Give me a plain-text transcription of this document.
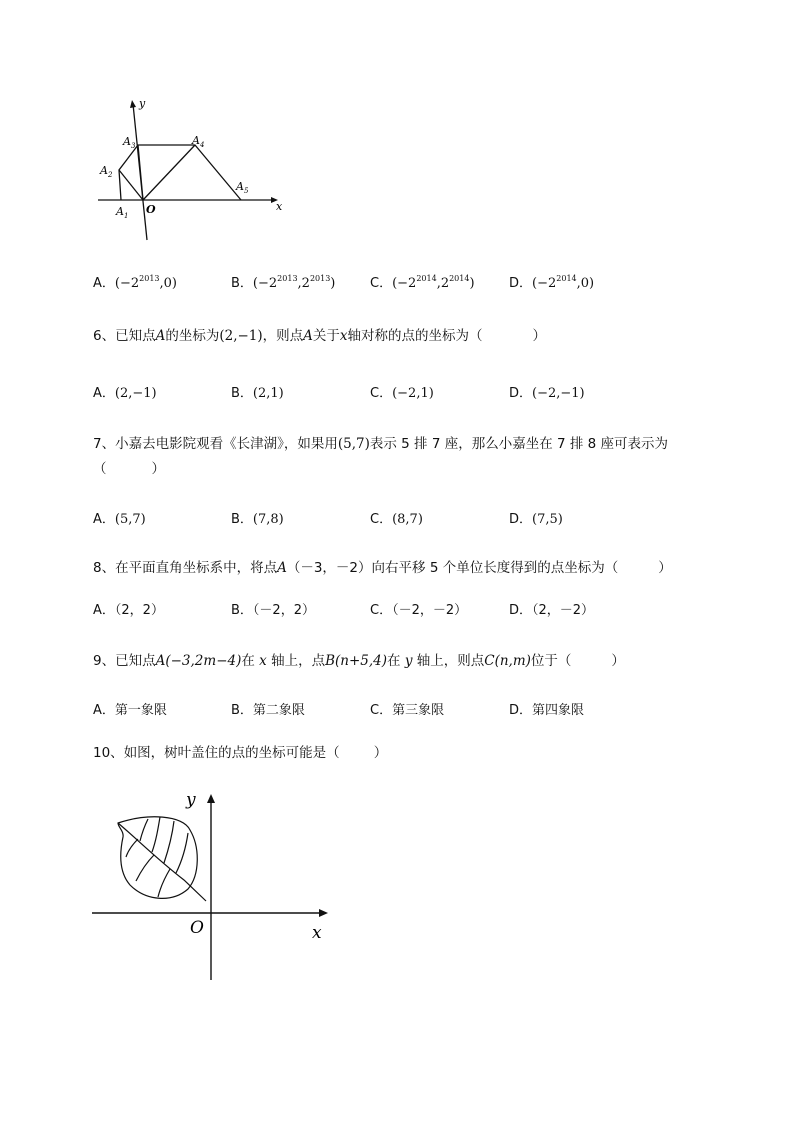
y
x
O
$A_1$
$A_2$
$A_3$	$A_4$
$A_5$
A．$(-2^{2013},0)$	B．$(-2^{2013},2^{2013})$	C．$(-2^{2014},2^{2014})$	D．$(-2^{2014},0)$
6、已知点A的坐标为(2,−1)，则点A关于x轴对称的点的坐标为（	）
A．(2,−1)	B．(2,1)	C．(−2,1)	D．(−2,−1)
7、小嘉去电影院观看《长津湖》，如果用(5,7)表示 5 排 7 座，那么小嘉坐在 7 排 8 座可表示为
（	）
A．(5,7)	B．(7,8)	C．(8,7)	D．(7,5)
8、在平面直角坐标系中，将点A（－3，－2）向右平移 5 个单位长度得到的点坐标为（	）
A．（2，2）	B．（－2，2）	C．（－2，－2）	D．（2，－2）
9、已知点A(−3,2m−4)在 x 轴上，点B(n+5,4)在 y 轴上，则点C(n,m)位于（	）
A．第一象限	B．第二象限	C．第三象限	D．第四象限
10、如图，树叶盖住的点的坐标可能是（	）
y
x
O
